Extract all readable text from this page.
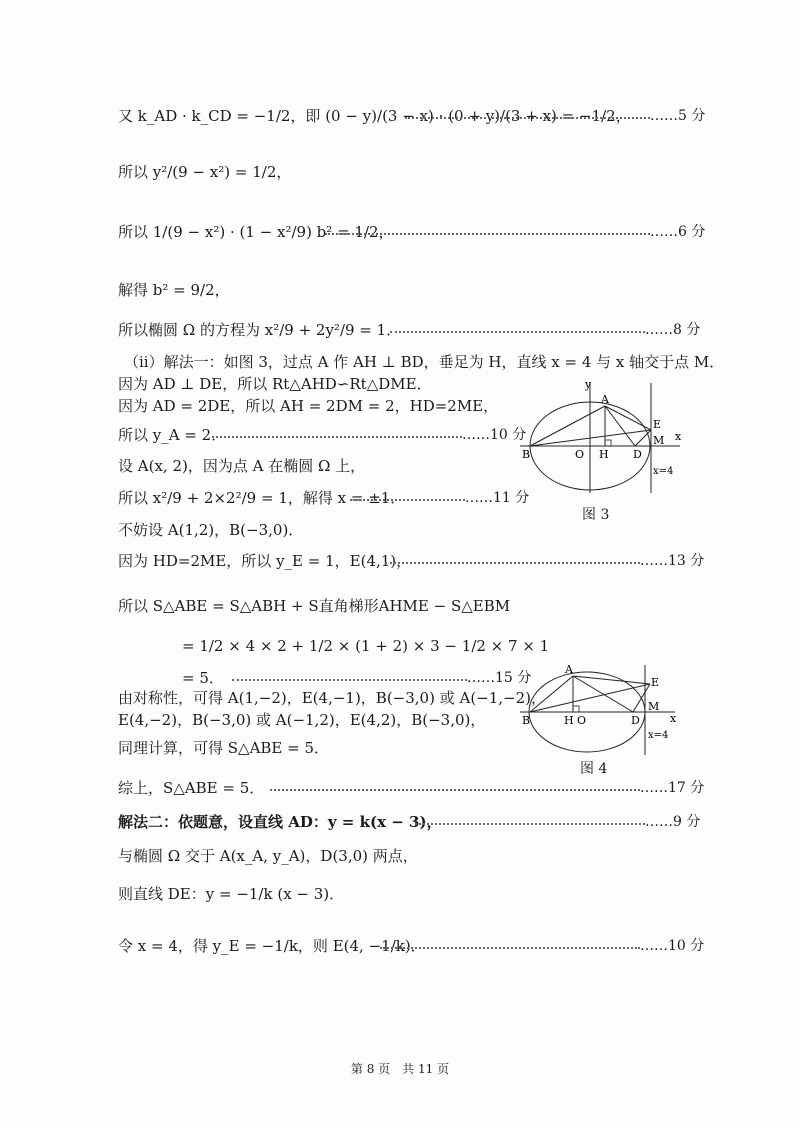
又 k_AD · k_CD = −1/2，即 (0 − y)/(3 − x) · (0 + y)/(3 + x) = −1/2， ……5 分
所以 y²/(9 − x²) = 1/2，
所以 1/(9 − x²) · (1 − x²/9) b² = 1/2，	……6 分
解得 b² = 9/2，
所以椭圆 Ω 的方程为 x²/9 + 2y²/9 = 1．	……8 分
（ii）解法一：如图 3，过点 A 作 AH ⊥ BD，垂足为 H，直线 x = 4 与 x 轴交于点 M．
因为 AD ⊥ DE，所以 Rt△AHD∽Rt△DME．
因为 AD = 2DE，所以 AH = 2DM = 2，HD=2ME，
所以 y_A = 2．	……10 分
设 A(x, 2)，因为点 A 在椭圆 Ω 上，
所以 x²/9 + 2×2²/9 = 1，解得 x = ±1．	……11 分
不妨设 A(1,2)，B(−3,0)．
因为 HD=2ME，所以 y_E = 1，E(4,1)，	……13 分
所以 S△ABE = S△ABH + S直角梯形AHME − S△EBM
= 1/2 × 4 × 2 + 1/2 × (1 + 2) × 3 − 1/2 × 7 × 1
= 5．	……15 分
由对称性，可得 A(1,−2)，E(4,−1)，B(−3,0) 或 A(−1,−2)，
E(4,−2)，B(−3,0) 或 A(−1,2)，E(4,2)，B(−3,0)，
同理计算，可得 S△ABE = 5．
综上，S△ABE = 5．	……17 分
解法二：依题意，设直线 AD：y = k(x − 3)，	……9 分
与椭圆 Ω 交于 A(x_A, y_A)，D(3,0) 两点，
则直线 DE：y = −1/k (x − 3)．
令 x = 4，得 y_E = −1/k，则 E(4, −1/k)．	……10 分
y
x
A
E
M
B	O H D
x=4
图 3
x
A
E
M
B	H O	D
x=4
图 4
第 8 页　共 11 页
